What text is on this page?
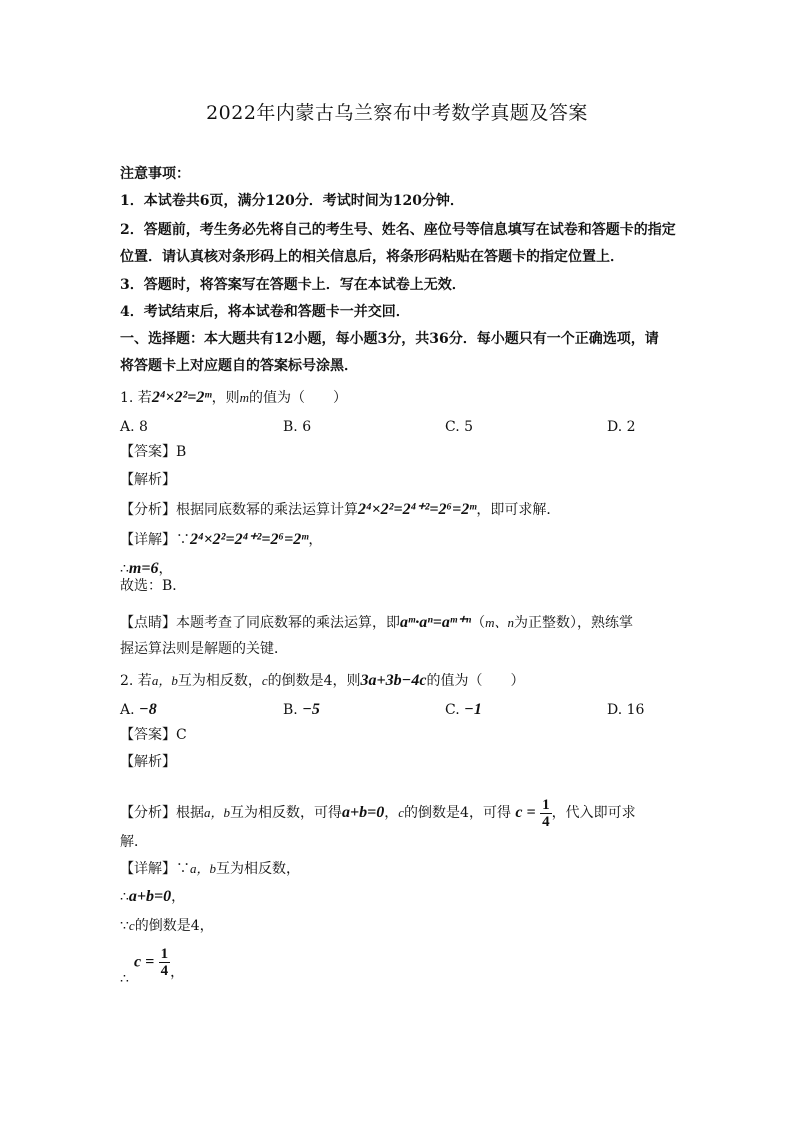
2022年内蒙古乌兰察布中考数学真题及答案
注意事项：
1．本试卷共6页，满分120分．考试时间为120分钟．
2．答题前，考生务必先将自己的考生号、姓名、座位号等信息填写在试卷和答题卡的指定
位置．请认真核对条形码上的相关信息后，将条形码粘贴在答题卡的指定位置上．
3．答题时，将答案写在答题卡上．写在本试卷上无效．
4．考试结束后，将本试卷和答题卡一并交回．
一、选择题：本大题共有12小题，每小题3分，共36分．每小题只有一个正确选项，请
将答题卡上对应题自的答案标号涂黑．
1. 若2⁴×2²=2ᵐ，则m的值为（　　）
A. 8	B. 6	C. 5	D. 2
【答案】B
【解析】
【分析】根据同底数幂的乘法运算计算2⁴×2²=2⁴⁺²=2⁶=2ᵐ，即可求解．
【详解】∵2⁴×2²=2⁴⁺²=2⁶=2ᵐ，
∴m=6，
故选：B．
【点睛】本题考查了同底数幂的乘法运算，即aᵐ·aⁿ=aᵐ⁺ⁿ（m、n为正整数），熟练掌
握运算法则是解题的关键．
2. 若a，b互为相反数，c的倒数是4，则3a+3b−4c的值为（　　）
A. −8	B. −5	C. −1	D. 16
【答案】C
【解析】
【分析】根据a，b互为相反数，可得a+b=0，c的倒数是4，可得 $c = \frac{1}{4}$ ，代入即可求
解．
【详解】∵a，b互为相反数，
∴a+b=0，
∵c的倒数是4，
$c = \frac{1}{4}$ ，
∴
